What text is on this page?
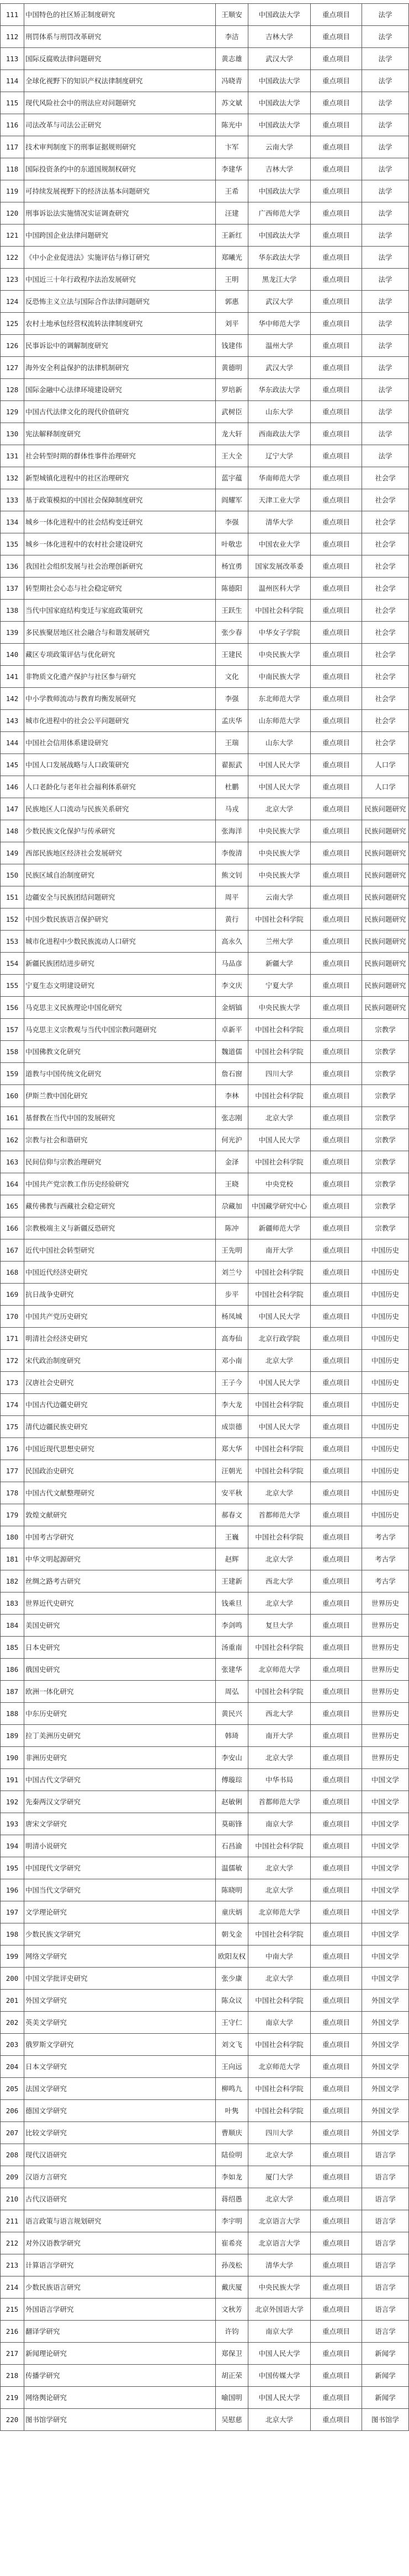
111	中国特色的社区矫正制度研究	王顺安	中国政法大学	重点项目	法学
112	刑罚体系与刑罚改革研究	李洁	吉林大学	重点项目	法学
113	国际反腐败法律问题研究	黄志雄	武汉大学	重点项目	法学
114	全球化视野下的知识产权法律制度研究	冯晓青	中国政法大学	重点项目	法学
115	现代风险社会中的刑法应对问题研究	苏文斌	中国政法大学	重点项目	法学
116	司法改革与司法公正研究	陈光中	中国政法大学	重点项目	法学
117	技术审判制度下的刑事证据规则研究	卞军	云南大学	重点项目	法学
118	国际投资条约中的东道国规制权研究	李建华	吉林大学	重点项目	法学
119	可持续发展视野下的经济法基本问题研究	王希	中国政法大学	重点项目	法学
120	刑事诉讼法实施情况实证调查研究	汪建	广西师范大学	重点项目	法学
121	中国跨国企业法律问题研究	王新红	中国政法大学	重点项目	法学
122	《中小企业促进法》实施评估与修订研究	郑曦光	华东政法大学	重点项目	法学
123	中国近三十年行政程序法治发展研究	王明	黑龙江大学	重点项目	法学
124	反恐怖主义立法与国际合作法律问题研究	郭惠	武汉大学	重点项目	法学
125	农村土地承包经营权流转法律制度研究	刘平	华中师范大学	重点项目	法学
126	民事诉讼中的调解制度研究	钱建伟	温州大学	重点项目	法学
127	海外安全利益保护的法律机制研究	黄德明	武汉大学	重点项目	法学
128	国际金融中心法律环境建设研究	罗培新	华东政法大学	重点项目	法学
129	中国古代法律文化的现代价值研究	武树臣	山东大学	重点项目	法学
130	宪法解释制度研究	龙大轩	西南政法大学	重点项目	法学
131	社会转型时期的群体性事件治理研究	王大全	辽宁大学	重点项目	法学
132	新型城镇化进程中的社区治理研究	蓝宇蕴	华南师范大学	重点项目	社会学
133	基于政策模拟的中国社会保障制度研究	阎耀军	天津工业大学	重点项目	社会学
134	城乡一体化进程中的社会结构变迁研究	李强	清华大学	重点项目	社会学
135	城乡一体化进程中的农村社会建设研究	叶敬忠	中国农业大学	重点项目	社会学
136	我国社会组织发展与社会治理创新研究	杨宜勇	国家发展改革委	重点项目	社会学
137	转型期社会心态与社会稳定研究	陈德阳	温州医科大学	重点项目	社会学
138	当代中国家庭结构变迁与家庭政策研究	王跃生	中国社会科学院	重点项目	社会学
139	多民族聚居地区社会融合与和谐发展研究	张少春	中华女子学院	重点项目	社会学
140	藏区专项政策评估与优化研究	王建民	中央民族大学	重点项目	社会学
141	非物质文化遗产保护与社区参与研究	文化	中南民族大学	重点项目	社会学
142	中小学教师流动与教育均衡发展研究	李强	东北师范大学	重点项目	社会学
143	城市化进程中的社会公平问题研究	孟庆华	山东师范大学	重点项目	社会学
144	中国社会信用体系建设研究	王瑞	山东大学	重点项目	社会学
145	中国人口发展战略与人口政策研究	翟振武	中国人民大学	重点项目	人口学
146	人口老龄化与老年社会福利体系研究	杜鹏	中国人民大学	重点项目	人口学
147	民族地区人口流动与民族关系研究	马戎	北京大学	重点项目	民族问题研究
148	少数民族文化保护与传承研究	张海洋	中央民族大学	重点项目	民族问题研究
149	西部民族地区经济社会发展研究	李俊清	中央民族大学	重点项目	民族问题研究
150	民族区域自治制度研究	熊文钊	中央民族大学	重点项目	民族问题研究
151	边疆安全与民族团结问题研究	周平	云南大学	重点项目	民族问题研究
152	中国少数民族语言保护研究	黄行	中国社会科学院	重点项目	民族问题研究
153	城市化进程中少数民族流动人口研究	高永久	兰州大学	重点项目	民族问题研究
154	新疆民族团结进步研究	马品彦	新疆大学	重点项目	民族问题研究
155	宁夏生态文明建设研究	李文庆	宁夏大学	重点项目	民族问题研究
156	马克思主义民族理论中国化研究	金炳镐	中央民族大学	重点项目	民族问题研究
157	马克思主义宗教观与当代中国宗教问题研究	卓新平	中国社会科学院	重点项目	宗教学
158	中国佛教文化研究	魏道儒	中国社会科学院	重点项目	宗教学
159	道教与中国传统文化研究	詹石窗	四川大学	重点项目	宗教学
160	伊斯兰教中国化研究	李林	中国社会科学院	重点项目	宗教学
161	基督教在当代中国的发展研究	张志刚	北京大学	重点项目	宗教学
162	宗教与社会和谐研究	何光沪	中国人民大学	重点项目	宗教学
163	民间信仰与宗教治理研究	金泽	中国社会科学院	重点项目	宗教学
164	中国共产党宗教工作历史经验研究	王晓	中央党校	重点项目	宗教学
165	藏传佛教与西藏社会稳定研究	尕藏加	中国藏学研究中心	重点项目	宗教学
166	宗教极端主义与新疆反恐研究	陈冲	新疆师范大学	重点项目	宗教学
167	近代中国社会转型研究	王先明	南开大学	重点项目	中国历史
168	中国近代经济史研究	刘兰兮	中国社会科学院	重点项目	中国历史
169	抗日战争史研究	步平	中国社会科学院	重点项目	中国历史
170	中国共产党历史研究	杨凤城	中国人民大学	重点项目	中国历史
171	明清社会经济史研究	高寿仙	北京行政学院	重点项目	中国历史
172	宋代政治制度研究	邓小南	北京大学	重点项目	中国历史
173	汉唐社会史研究	王子今	中国人民大学	重点项目	中国历史
174	中国古代边疆史研究	李大龙	中国社会科学院	重点项目	中国历史
175	清代边疆民族史研究	成崇德	中国人民大学	重点项目	中国历史
176	中国近现代思想史研究	郑大华	中国社会科学院	重点项目	中国历史
177	民国政治史研究	汪朝光	中国社会科学院	重点项目	中国历史
178	中国古代文献整理研究	安平秋	北京大学	重点项目	中国历史
179	敦煌文献研究	郝春文	首都师范大学	重点项目	中国历史
180	中国考古学研究	王巍	中国社会科学院	重点项目	考古学
181	中华文明起源研究	赵辉	北京大学	重点项目	考古学
182	丝绸之路考古研究	王建新	西北大学	重点项目	考古学
183	世界近代史研究	钱乘旦	北京大学	重点项目	世界历史
184	美国史研究	李剑鸣	复旦大学	重点项目	世界历史
185	日本史研究	汤重南	中国社会科学院	重点项目	世界历史
186	俄国史研究	张建华	北京师范大学	重点项目	世界历史
187	欧洲一体化研究	周弘	中国社会科学院	重点项目	世界历史
188	中东历史研究	黄民兴	西北大学	重点项目	世界历史
189	拉丁美洲历史研究	韩琦	南开大学	重点项目	世界历史
190	非洲历史研究	李安山	北京大学	重点项目	世界历史
191	中国古代文学研究	傅璇琮	中华书局	重点项目	中国文学
192	先秦两汉文学研究	赵敏俐	首都师范大学	重点项目	中国文学
193	唐宋文学研究	莫砺锋	南京大学	重点项目	中国文学
194	明清小说研究	石昌渝	中国社会科学院	重点项目	中国文学
195	中国现代文学研究	温儒敏	北京大学	重点项目	中国文学
196	中国当代文学研究	陈晓明	北京大学	重点项目	中国文学
197	文学理论研究	童庆炳	北京师范大学	重点项目	中国文学
198	少数民族文学研究	朝戈金	中国社会科学院	重点项目	中国文学
199	网络文学研究	欧阳友权	中南大学	重点项目	中国文学
200	中国文学批评史研究	张少康	北京大学	重点项目	中国文学
201	外国文学研究	陈众议	中国社会科学院	重点项目	外国文学
202	英美文学研究	王守仁	南京大学	重点项目	外国文学
203	俄罗斯文学研究	刘文飞	中国社会科学院	重点项目	外国文学
204	日本文学研究	王向远	北京师范大学	重点项目	外国文学
205	法国文学研究	柳鸣九	中国社会科学院	重点项目	外国文学
206	德国文学研究	叶隽	中国社会科学院	重点项目	外国文学
207	比较文学研究	曹顺庆	四川大学	重点项目	外国文学
208	现代汉语研究	陆俭明	北京大学	重点项目	语言学
209	汉语方言研究	李如龙	厦门大学	重点项目	语言学
210	古代汉语研究	蒋绍愚	北京大学	重点项目	语言学
211	语言政策与语言规划研究	李宇明	北京语言大学	重点项目	语言学
212	对外汉语教学研究	崔希亮	北京语言大学	重点项目	语言学
213	计算语言学研究	孙茂松	清华大学	重点项目	语言学
214	少数民族语言研究	戴庆厦	中央民族大学	重点项目	语言学
215	外国语言学研究	文秋芳	北京外国语大学	重点项目	语言学
216	翻译学研究	许钧	南京大学	重点项目	语言学
217	新闻理论研究	郑保卫	中国人民大学	重点项目	新闻学
218	传播学研究	胡正荣	中国传媒大学	重点项目	新闻学
219	网络舆论研究	喻国明	中国人民大学	重点项目	新闻学
220	图书馆学研究	吴慰慈	北京大学	重点项目	图书馆学
